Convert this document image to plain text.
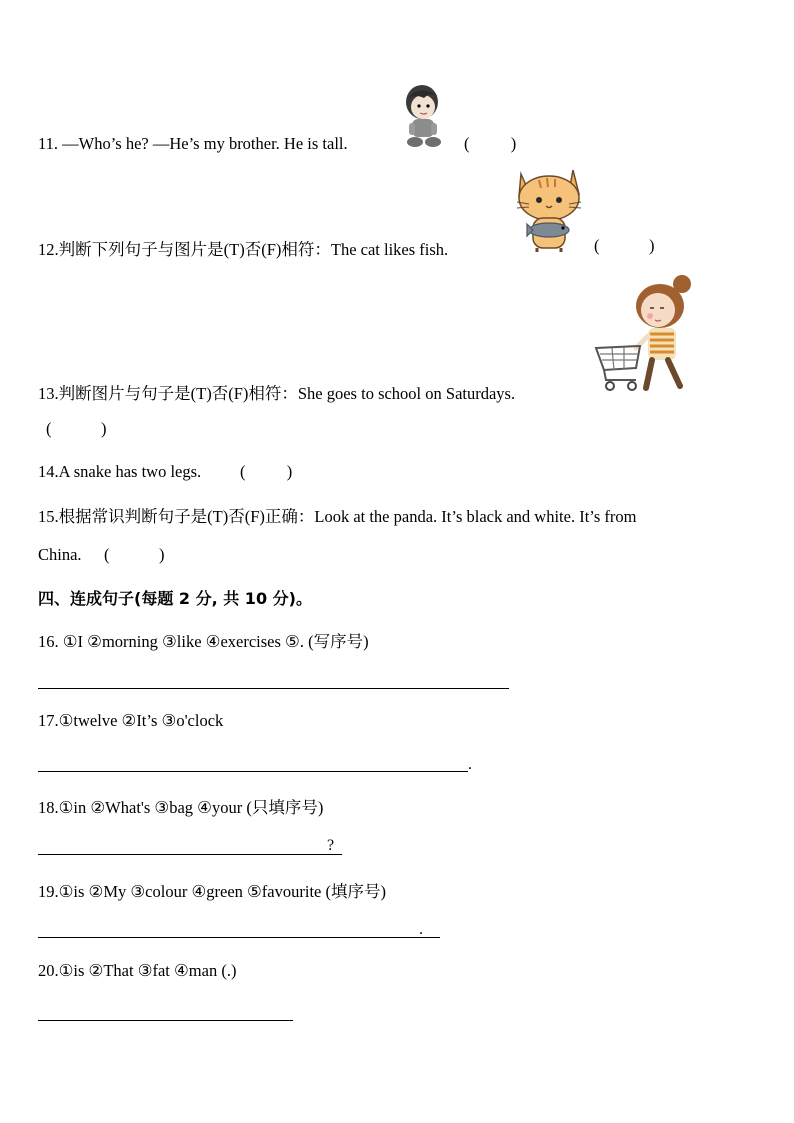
11. —Who’s he? —He’s my brother. He is tall.	(          )
12.判断下列句子与图片是(T)否(F)相符：The cat likes fish.	(            )
13.判断图片与句子是(T)否(F)相符：She goes to school on Saturdays.
(            )
14.A snake has two legs. (          )
15.根据常识判断句子是(T)否(F)正确：Look at the panda. It’s black and white. It’s from
China. (            )
四、连成句子(每题 2 分, 共 10 分)。
16. ①I ②morning ③like ④exercises ⑤. (写序号)
17.①twelve ②It’s ③o'clock
.
18.①in ②What's ③bag ④your (只填序号)
?
19.①is ②My ③colour ④green ⑤favourite (填序号)
.
20.①is ②That ③fat ④man (.)
